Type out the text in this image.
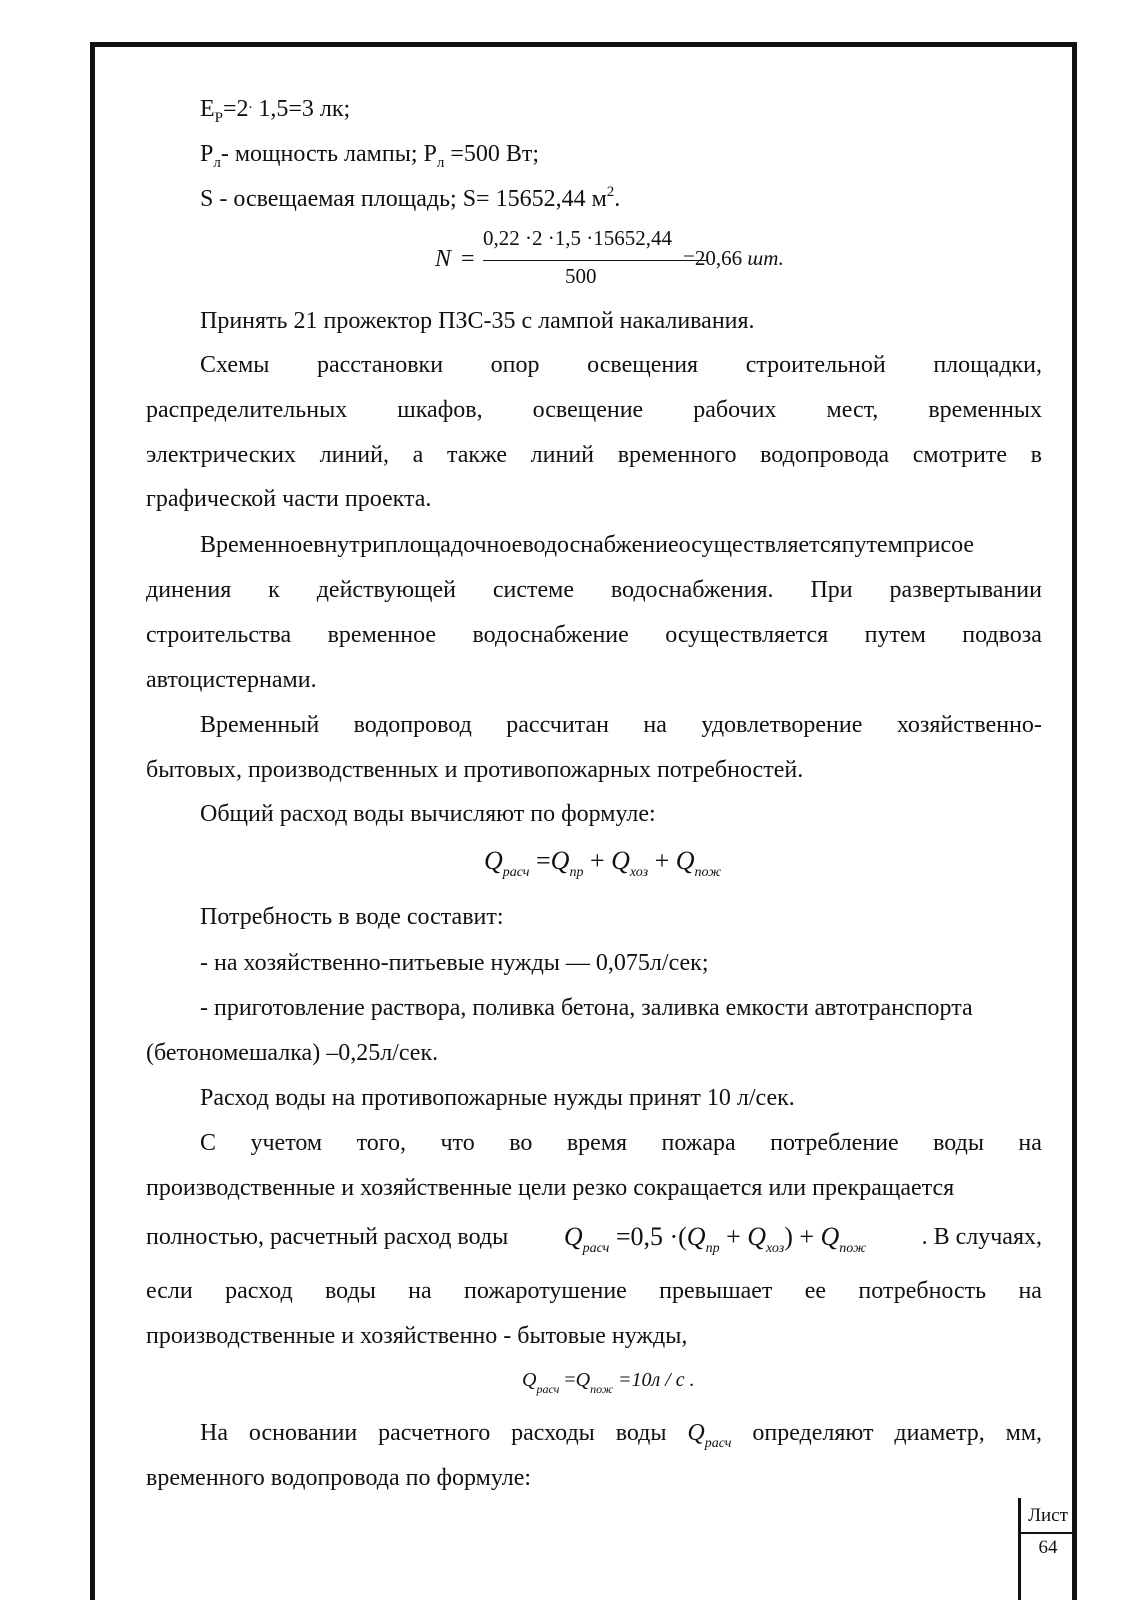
Лист
64
$E_P=2^.$ 1,5=3 лк;
$P_л-$ мощность лампы; $P_л =500$ Вт;
S - освещаемая площадь; S= 15652,44 $м^2$.
N =
0,22 ·2 ·1,5 ·15652,44
500
=20,66 шт.
Принять 21 прожектор ПЗС-35 с лампой накаливания.
Схемы расстановки опор освещения строительной площадки,
распределительных шкафов, освещение рабочих мест, временных
электрических линий, а также линий временного водопровода смотрите в
графической части проекта.
Временноевнутриплощадочноеводоснабжениеосуществляетсяпутемприсое
динения к действующей системе водоснабжения. При развертывании
строительства временное водоснабжение осуществляется путем подвоза
автоцистернами.
Временный водопровод рассчитан на удовлетворение хозяйственно-
бытовых, производственных и противопожарных потребностей.
Общий расход воды вычисляют по формуле:
$Q_{расч} =Q_{пр} + Q_{хоз} + Q_{пож}$
Потребность в воде составит:
- на хозяйственно-питьевые нужды — 0,075л/сек;
- приготовление раствора, поливка бетона, заливка емкости автотранспорта
(бетономешалка) –0,25л/сек.
Расход воды на противопожарные нужды принят 10 л/сек.
С учетом того, что во время пожара потребление воды на
производственные и хозяйственные цели резко сокращается или прекращается
полностью, расчетный расход воды $Q_{расч} =0,5 \cdot(Q_{пр} + Q_{хоз}) + Q_{пож}$ . В случаях,
если расход воды на пожаротушение превышает ее потребность на
производственные и хозяйственно - бытовые нужды,
$Q_{расч} =Q_{пож} =10л / с$ .
На основании расчетного расходы воды $Q_{расч}$ определяют диаметр, мм,
временного водопровода по формуле:
